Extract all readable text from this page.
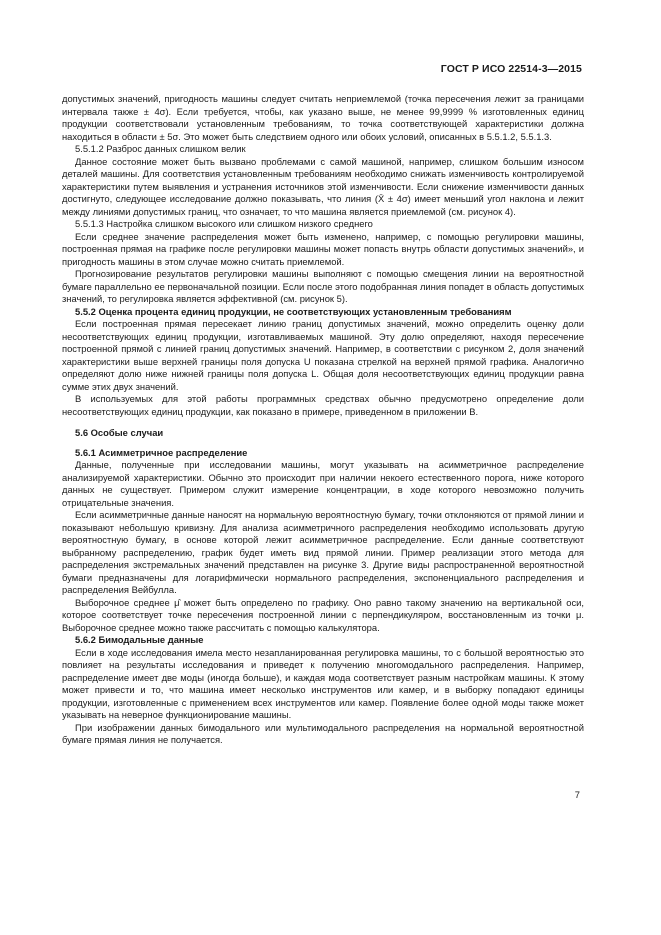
ГОСТ Р ИСО 22514-3—2015

допустимых значений, пригодность машины следует считать неприемлемой (точка пересечения лежит за границами интервала также ± 4σ). Если требуется, чтобы, как указано выше, не менее 99,9999 % изготовленных единиц продукции соответствовали установленным требованиям, то точка соответствующей характеристики должна находиться в области ± 5σ. Это может быть следствием одного или обоих условий, описанных в 5.5.1.2, 5.5.1.3.

5.5.1.2 Разброс данных слишком велик

Данное состояние может быть вызвано проблемами с самой машиной, например, слишком большим износом деталей машины. Для соответствия установленным требованиям необходимо снижать изменчивость контролируемой характеристики путем выявления и устранения источников этой изменчивости. Если снижение изменчивости данных достигнуто, следующее исследование должно показывать, что линия (X̄ ± 4σ) имеет меньший угол наклона и лежит между линиями допустимых границ, что означает, то что машина является приемлемой (см. рисунок 4).

5.5.1.3 Настройка слишком высокого или слишком низкого среднего

Если среднее значение распределения может быть изменено, например, с помощью регулировки машины, построенная прямая на графике после регулировки машины может попасть внутрь области допустимых значений», и пригодность машины в этом случае можно считать приемлемой.

Прогнозирование результатов регулировки машины выполняют с помощью смещения линии на вероятностной бумаге параллельно ее первоначальной позиции. Если после этого подобранная линия попадет в область допустимых значений, то регулировка является эффективной (см. рисунок 5).

5.5.2 Оценка процента единиц продукции, не соответствующих установленным требованиям

Если построенная прямая пересекает линию границ допустимых значений, можно определить оценку доли несоответствующих единиц продукции, изготавливаемых машиной. Эту долю определяют, находя пересечение построенной прямой с линией границ допустимых значений. Например, в соответствии с рисунком 2, доля значений характеристики выше верхней границы поля допуска U показана стрелкой на верхней прямой графика. Аналогично определяют долю ниже нижней границы поля допуска L. Общая доля несоответствующих единиц продукции равна сумме этих двух значений.

В используемых для этой работы программных средствах обычно предусмотрено определение доли несоответствующих единиц продукции, как показано в примере, приведенном в приложении В.

5.6 Особые случаи

5.6.1 Асимметричное распределение

Данные, полученные при исследовании машины, могут указывать на асимметричное распределение анализируемой характеристики. Обычно это происходит при наличии некоего естественного порога, ниже которого данных не существует. Примером служит измерение концентрации, в ходе которого невозможно получить отрицательные значения.

Если асимметричные данные наносят на нормальную вероятностную бумагу, точки отклоняются от прямой линии и показывают небольшую кривизну. Для анализа асимметричного распределения необходимо использовать другую вероятностную бумагу, в основе которой лежит асимметричное распределение. Если данные соответствуют выбранному распределению, график будет иметь вид прямой линии. Пример реализации этого метода для распределения экстремальных значений представлен на рисунке 3. Другие виды распространенной вероятностной бумаги предназначены для логарифмически нормального распределения, экспоненциального распределения и распределения Вейбулла.

Выборочное среднее μ̂ может быть определено по графику. Оно равно такому значению на вертикальной оси, которое соответствует точке пересечения построенной линии с перпендикуляром, восстановленным из точки μ. Выборочное среднее можно также рассчитать с помощью калькулятора.

5.6.2 Бимодальные данные

Если в ходе исследования имела место незапланированная регулировка машины, то с большой вероятностью это повлияет на результаты исследования и приведет к получению многомодального распределения. Например, распределение имеет две моды (иногда больше), и каждая мода соответствует разным настройкам машины. К этому может привести и то, что машина имеет несколько инструментов или камер, и в выборку попадают единицы продукции, изготовленные с применением всех инструментов или камер. Появление более одной моды также может указывать на неверное функционирование машины.

При изображении данных бимодального или мультимодального распределения на нормальной вероятностной бумаге прямая линия не получается.

7
